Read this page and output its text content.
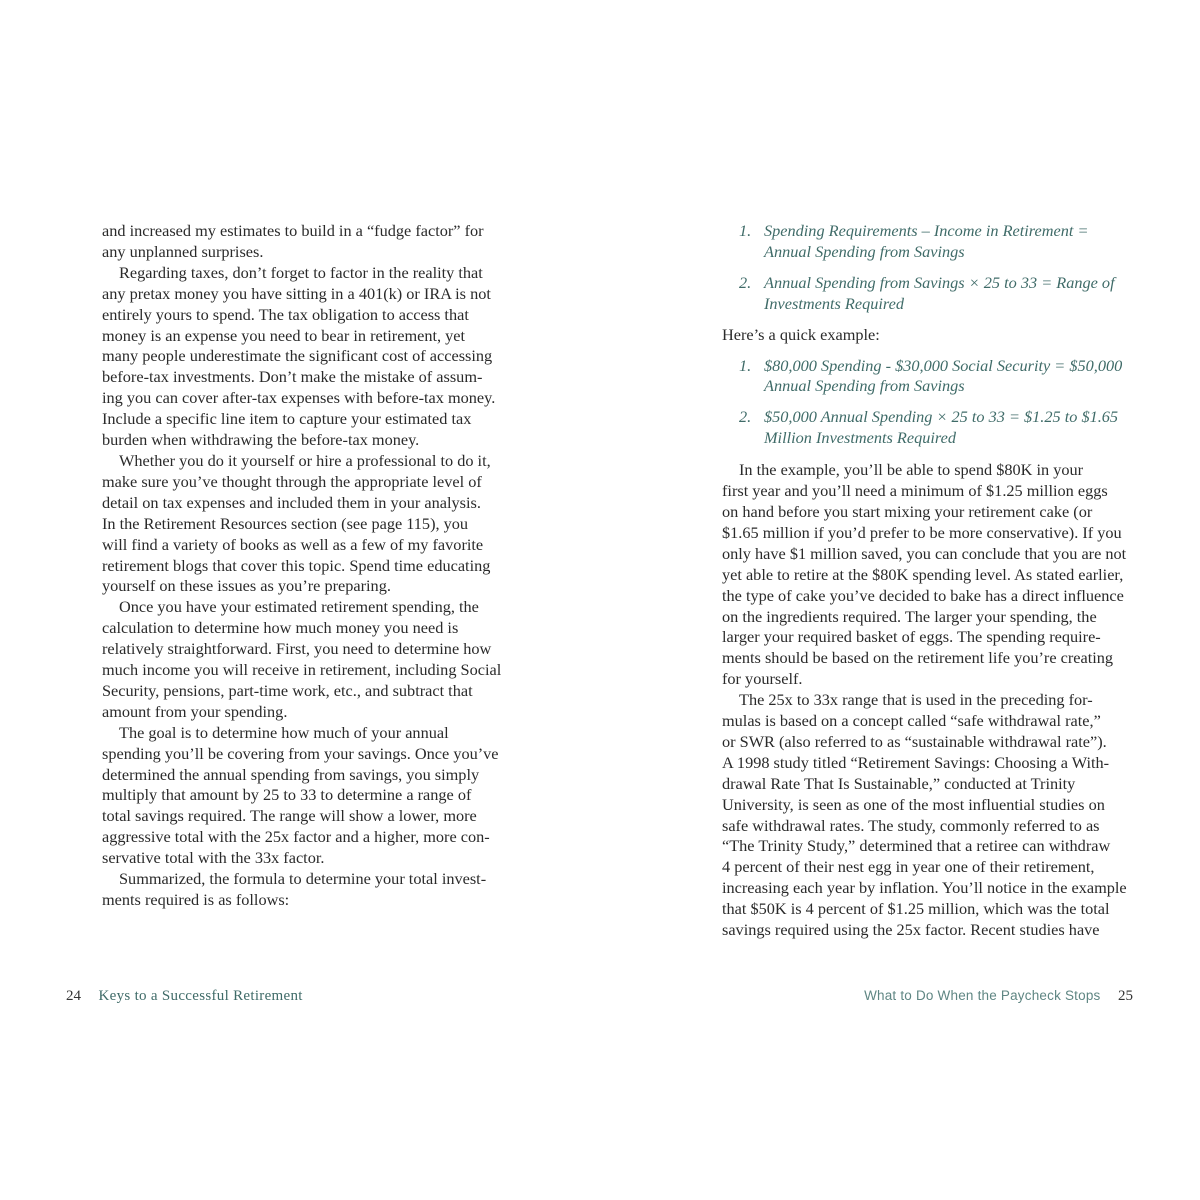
and increased my estimates to build in a “fudge factor” for
any unplanned surprises.
Regarding taxes, don’t forget to factor in the reality that
any pretax money you have sitting in a 401(k) or IRA is not
entirely yours to spend. The tax obligation to access that
money is an expense you need to bear in retirement, yet
many people underestimate the significant cost of accessing
before-tax investments. Don’t make the mistake of assum-
ing you can cover after-tax expenses with before-tax money.
Include a specific line item to capture your estimated tax
burden when withdrawing the before-tax money.
Whether you do it yourself or hire a professional to do it,
make sure you’ve thought through the appropriate level of
detail on tax expenses and included them in your analysis.
In the Retirement Resources section (see page 115), you
will find a variety of books as well as a few of my favorite
retirement blogs that cover this topic. Spend time educating
yourself on these issues as you’re preparing.
Once you have your estimated retirement spending, the
calculation to determine how much money you need is
relatively straightforward. First, you need to determine how
much income you will receive in retirement, including Social
Security, pensions, part-time work, etc., and subtract that
amount from your spending.
The goal is to determine how much of your annual
spending you’ll be covering from your savings. Once you’ve
determined the annual spending from savings, you simply
multiply that amount by 25 to 33 to determine a range of
total savings required. The range will show a lower, more
aggressive total with the 25x factor and a higher, more con-
servative total with the 33x factor.
Summarized, the formula to determine your total invest-
ments required is as follows:
24 Keys to a Successful Retirement
1. Spending Requirements – Income in Retirement =
Annual Spending from Savings
2. Annual Spending from Savings × 25 to 33 = Range of
Investments Required
Here’s a quick example:
1. $80,000 Spending - $30,000 Social Security = $50,000
Annual Spending from Savings
2. $50,000 Annual Spending × 25 to 33 = $1.25 to $1.65
Million Investments Required
In the example, you’ll be able to spend $80K in your
first year and you’ll need a minimum of $1.25 million eggs
on hand before you start mixing your retirement cake (or
$1.65 million if you’d prefer to be more conservative). If you
only have $1 million saved, you can conclude that you are not
yet able to retire at the $80K spending level. As stated earlier,
the type of cake you’ve decided to bake has a direct influence
on the ingredients required. The larger your spending, the
larger your required basket of eggs. The spending require-
ments should be based on the retirement life you’re creating
for yourself.
The 25x to 33x range that is used in the preceding for-
mulas is based on a concept called “safe withdrawal rate,”
or SWR (also referred to as “sustainable withdrawal rate”).
A 1998 study titled “Retirement Savings: Choosing a With-
drawal Rate That Is Sustainable,” conducted at Trinity
University, is seen as one of the most influential studies on
safe withdrawal rates. The study, commonly referred to as
“The Trinity Study,” determined that a retiree can withdraw
4 percent of their nest egg in year one of their retirement,
increasing each year by inflation. You’ll notice in the example
that $50K is 4 percent of $1.25 million, which was the total
savings required using the 25x factor. Recent studies have
What to Do When the Paycheck Stops 25
